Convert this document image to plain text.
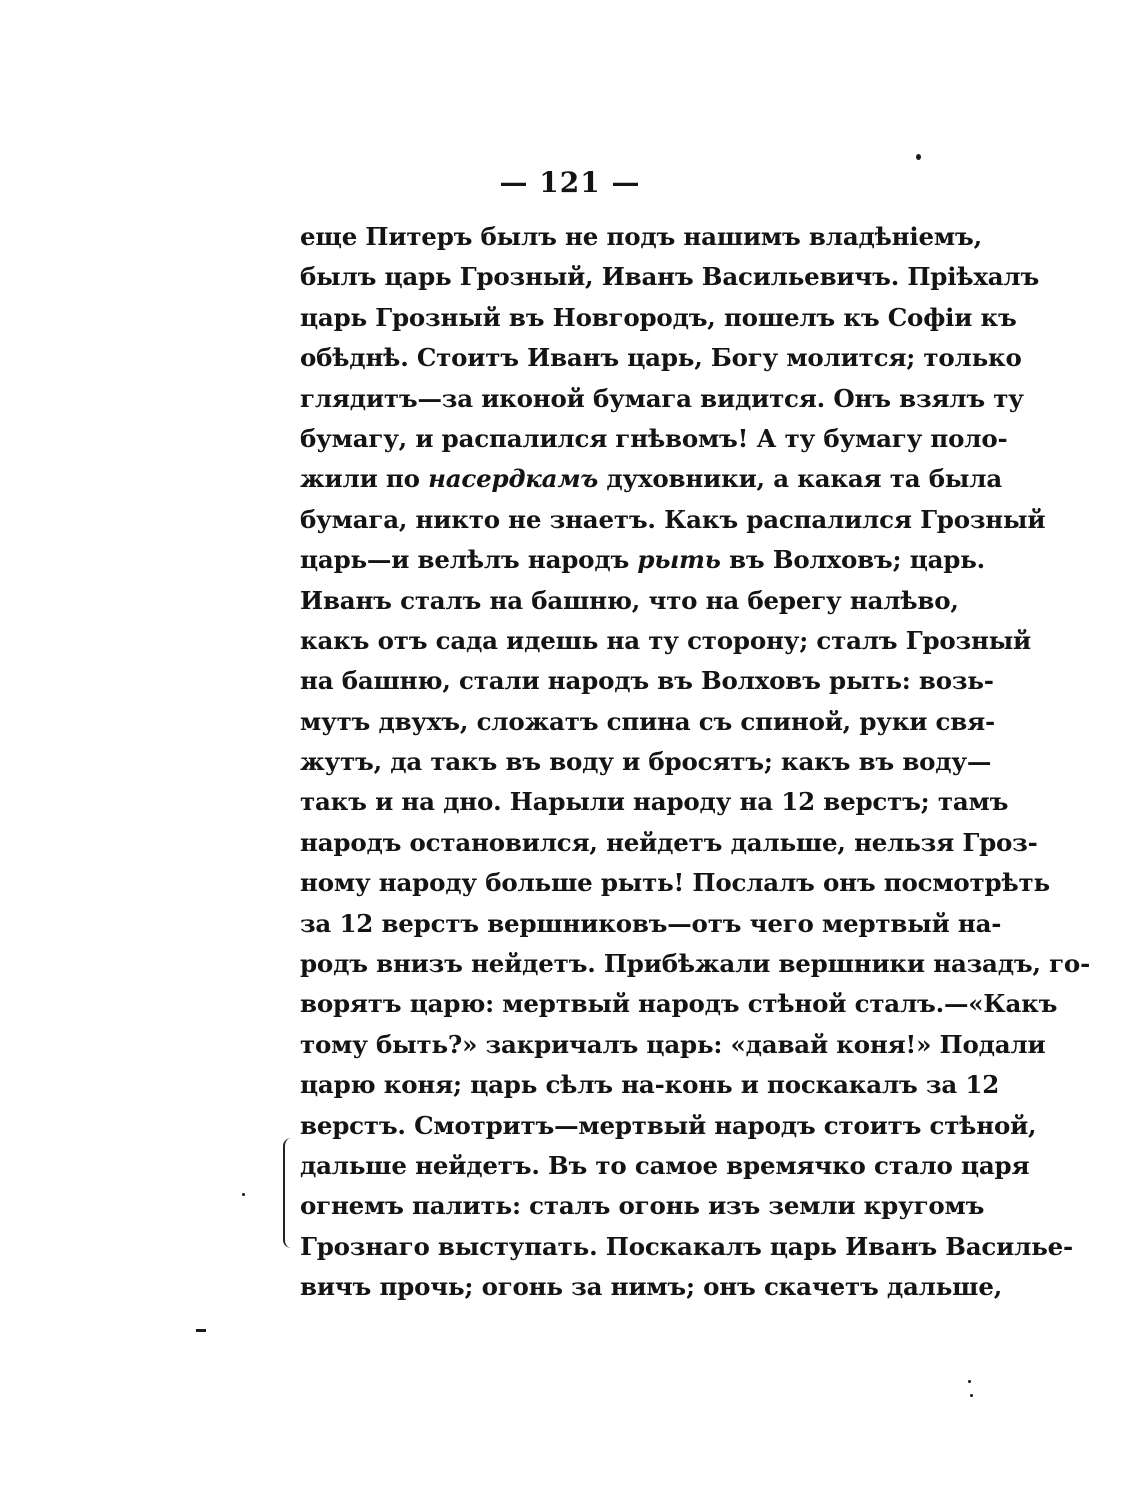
— 121 —
еще Питеръ былъ не подъ нашимъ владѣніемъ,
былъ царь Грозный, Иванъ Васильевичъ. Пріѣхалъ
царь Грозный въ Новгородъ, пошелъ къ Софіи къ
обѣднѣ. Стоитъ Иванъ царь, Богу молится; только
глядитъ—за иконой бумага видится. Онъ взялъ ту
бумагу, и распалился гнѣвомъ! А ту бумагу поло-
жили по насердкамъ духовники, а какая та была
бумага, никто не знаетъ. Какъ распалился Грозный
царь—и велѣлъ народъ рыть въ Волховъ; царь.
Иванъ сталъ на башню, что на берегу налѣво,
какъ отъ сада идешь на ту сторону; сталъ Грозный
на башню, стали народъ въ Волховъ рыть: возь-
мутъ двухъ, сложатъ спина съ спиной, руки свя-
жутъ, да такъ въ воду и бросятъ; какъ въ воду—
такъ и на дно. Нарыли народу на 12 верстъ; тамъ
народъ остановился, нейдетъ дальше, нельзя Гроз-
ному народу больше рыть! Послалъ онъ посмотрѣть
за 12 верстъ вершниковъ—отъ чего мертвый на-
родъ внизъ нейдетъ. Прибѣжали вершники назадъ, го-
ворятъ царю: мертвый народъ стѣной сталъ.—«Какъ
тому быть?» закричалъ царь: «давай коня!» Подали
царю коня; царь сѣлъ на-конь и поскакалъ за 12
верстъ. Смотритъ—мертвый народъ стоитъ стѣной,
дальше нейдетъ. Въ то самое времячко стало царя
огнемъ палить: сталъ огонь изъ земли кругомъ
Грознаго выступать. Поскакалъ царь Иванъ Василье-
вичъ прочь; огонь за нимъ; онъ скачетъ дальше,
